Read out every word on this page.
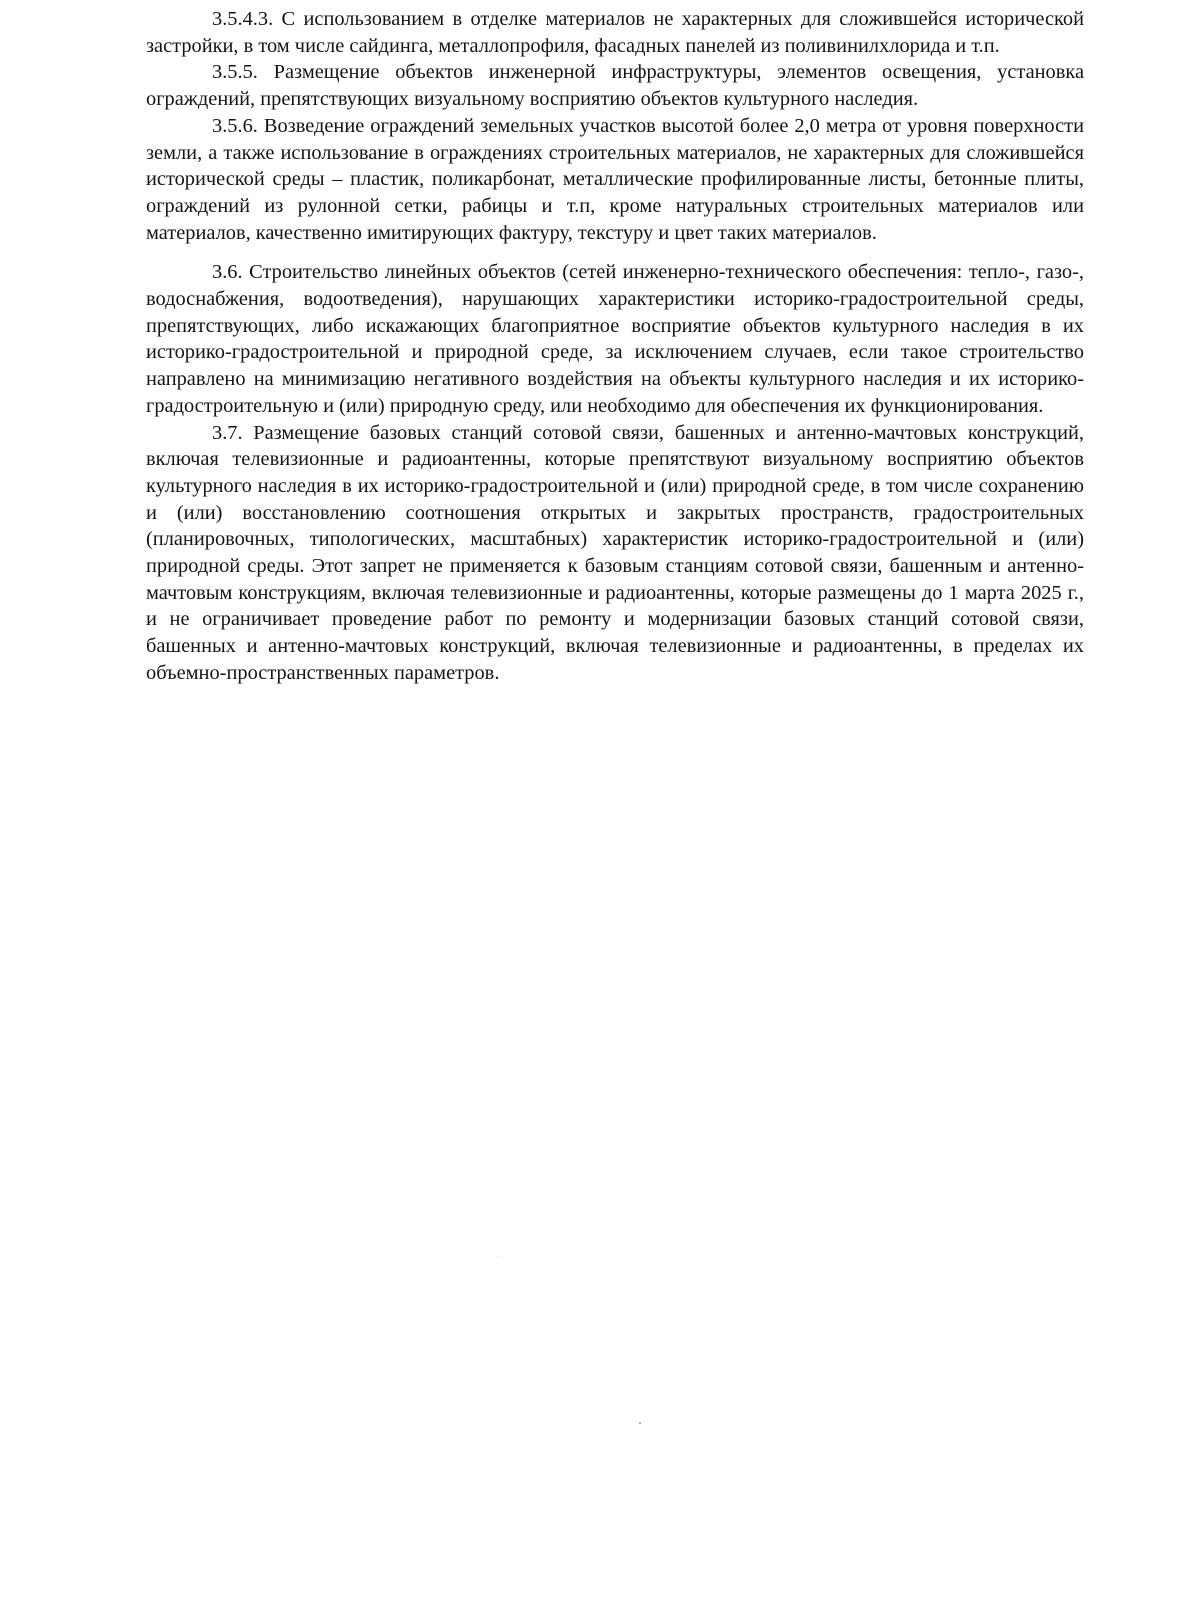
3.5.4.3. С использованием в отделке материалов не характерных для сложившейся исторической застройки, в том числе сайдинга, металлопрофиля, фасадных панелей из поливинилхлорида и т.п.

3.5.5. Размещение объектов инженерной инфраструктуры, элементов освещения, установка ограждений, препятствующих визуальному восприятию объектов культурного наследия.

3.5.6. Возведение ограждений земельных участков высотой более 2,0 метра от уровня поверхности земли, а также использование в ограждениях строительных материалов, не характерных для сложившейся исторической среды – пластик, поликарбонат, металлические профилированные листы, бетонные плиты, ограждений из рулонной сетки, рабицы и т.п, кроме натуральных строительных материалов или материалов, качественно имитирующих фактуру, текстуру и цвет таких материалов.

3.6. Строительство линейных объектов (сетей инженерно-технического обеспечения: тепло-, газо-, водоснабжения, водоотведения), нарушающих характеристики историко-градостроительной среды, препятствующих, либо искажающих благоприятное восприятие объектов культурного наследия в их историко-градостроительной и природной среде, за исключением случаев, если такое строительство направлено на минимизацию негативного воздействия на объекты культурного наследия и их историко-градостроительную и (или) природную среду, или необходимо для обеспечения их функционирования.

3.7. Размещение базовых станций сотовой связи, башенных и антенно-мачтовых конструкций, включая телевизионные и радиоантенны, которые препятствуют визуальному восприятию объектов культурного наследия в их историко-градостроительной и (или) природной среде, в том числе сохранению и (или) восстановлению соотношения открытых и закрытых пространств, градостроительных (планировочных, типологических, масштабных) характеристик историко-градостроительной и (или) природной среды. Этот запрет не применяется к базовым станциям сотовой связи, башенным и антенно-мачтовым конструкциям, включая телевизионные и радиоантенны, которые размещены до 1 марта 2025 г., и не ограничивает проведение работ по ремонту и модернизации базовых станций сотовой связи, башенных и антенно-мачтовых конструкций, включая телевизионные и радиоантенны, в пределах их объемно-пространственных параметров.
